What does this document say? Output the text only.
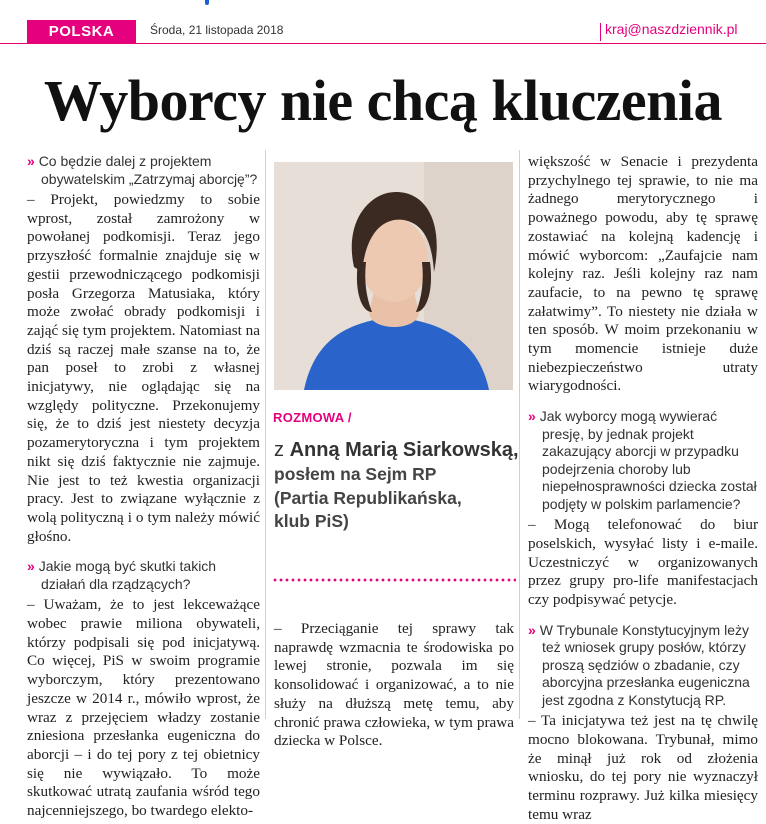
POLSKA	Środa, 21 listopada 2018	kraj@naszdziennik.pl
Wyborcy nie chcą kluczenia

» Co będzie dalej z projektem obywatelskim „Zatrzymaj aborcję”?

– Projekt, powiedzmy to sobie wprost, został zamrożony w powołanej podkomisji. Teraz jego przyszłość formalnie znajduje się w gestii przewodniczącego podkomisji posła Grzegorza Matusiaka, który może zwołać obrady podkomisji i zająć się tym projektem. Natomiast na dziś są raczej małe szanse na to, że pan poseł to zrobi z własnej inicjatywy, nie oglądając się na względy polityczne. Przekonujemy się, że to dziś jest niestety decyzja pozamerytoryczna i tym projektem nikt się dziś faktycznie nie zajmuje. Nie jest to też kwestia organizacji pracy. Jest to związane wyłącznie z wolą polityczną i o tym należy mówić głośno.

» Jakie mogą być skutki takich działań dla rządzących?

– Uważam, że to jest lekceważące wobec prawie miliona obywateli, którzy podpisali się pod inicjatywą. Co więcej, PiS w swoim programie wyborczym, który prezentowano jeszcze w 2014 r., mówiło wprost, że wraz z przejęciem władzy zostanie zniesiona przesłanka eugeniczna do aborcji – i do tej pory z tej obietnicy się nie wywiązało. To może skutkować utratą zaufania wśród tego najcenniejszego, bo twardego elekto-

ROZMOWA /
z Anną Marią Siarkowską,
posłem na Sejm RP
(Partia Republikańska,
klub PiS)

– Przeciąganie tej sprawy tak naprawdę wzmacnia te środowiska po lewej stronie, pozwala im się konsolidować i organizować, a to nie służy na dłuższą metę temu, aby chronić prawa człowieka, w tym prawa dziecka w Polsce.

większość w Senacie i prezydenta przychylnego tej sprawie, to nie ma żadnego merytorycznego i poważnego powodu, aby tę sprawę zostawiać na kolejną kadencję i mówić wyborcom: „Zaufajcie nam kolejny raz. Jeśli kolejny raz nam zaufacie, to na pewno tę sprawę załatwimy”. To niestety nie działa w ten sposób. W moim przekonaniu w tym momencie istnieje duże niebezpieczeństwo utraty wiarygodności.

» Jak wyborcy mogą wywierać presję, by jednak projekt zakazujący aborcji w przypadku podejrzenia choroby lub niepełnosprawności dziecka został podjęty w polskim parlamencie?

– Mogą telefonować do biur poselskich, wysyłać listy i e-maile. Uczestniczyć w organizowanych przez grupy pro-life manifestacjach czy podpisywać petycje.

» W Trybunale Konstytucyjnym leży też wniosek grupy posłów, którzy proszą sędziów o zbadanie, czy aborcyjna przesłanka eugeniczna jest zgodna z Konstytucją RP.

– Ta inicjatywa też jest na tę chwilę mocno blokowana. Trybunał, mimo że minął już rok od złożenia wniosku, do tej pory nie wyznaczył terminu rozprawy. Już kilka miesięcy temu wraz
